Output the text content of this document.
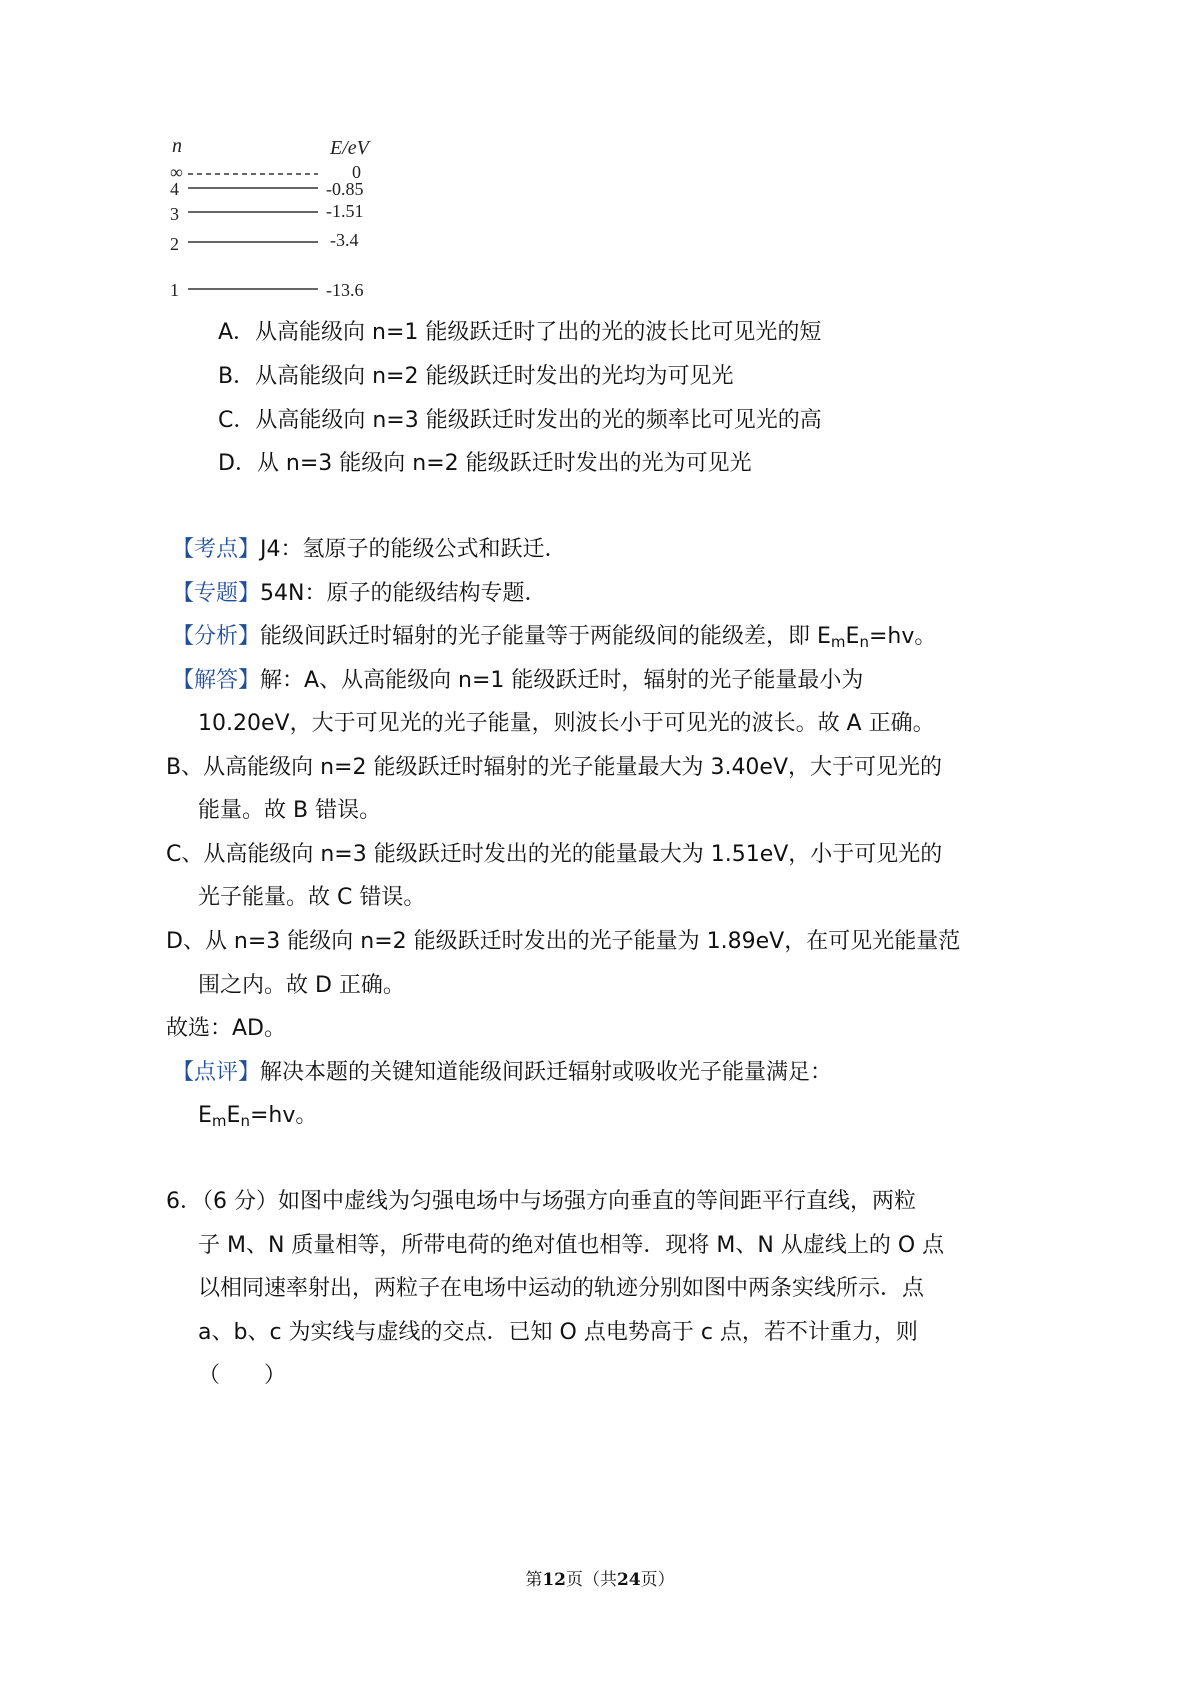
n	E/eV
∞	0
4	-0.85
3	-1.51
2	-3.4
1	-13.6
A．从高能级向 n=1 能级跃迁时了出的光的波长比可见光的短
B．从高能级向 n=2 能级跃迁时发出的光均为可见光
C．从高能级向 n=3 能级跃迁时发出的光的频率比可见光的高
D．从 n=3 能级向 n=2 能级跃迁时发出的光为可见光
【考点】J4：氢原子的能级公式和跃迁．
【专题】54N：原子的能级结构专题．
【分析】能级间跃迁时辐射的光子能量等于两能级间的能级差，即 $E_mE_n=hv$。
【解答】解：A、从高能级向 n=1 能级跃迁时，辐射的光子能量最小为
10.20eV，大于可见光的光子能量，则波长小于可见光的波长。故 A 正确。
B、从高能级向 n=2 能级跃迁时辐射的光子能量最大为 3.40eV，大于可见光的
能量。故 B 错误。
C、从高能级向 n=3 能级跃迁时发出的光的能量最大为 1.51eV，小于可见光的
光子能量。故 C 错误。
D、从 n=3 能级向 n=2 能级跃迁时发出的光子能量为 1.89eV，在可见光能量范
围之内。故 D 正确。
故选：AD。
【点评】解决本题的关键知道能级间跃迁辐射或吸收光子能量满足：
$E_mE_n=hv$。
6．（6 分）如图中虚线为匀强电场中与场强方向垂直的等间距平行直线，两粒
子 M、N 质量相等，所带电荷的绝对值也相等．现将 M、N 从虚线上的 O 点
以相同速率射出，两粒子在电场中运动的轨迹分别如图中两条实线所示．点
a、b、c 为实线与虚线的交点．已知 O 点电势高于 c 点，若不计重力，则
（　　）
第12页（共24页）
